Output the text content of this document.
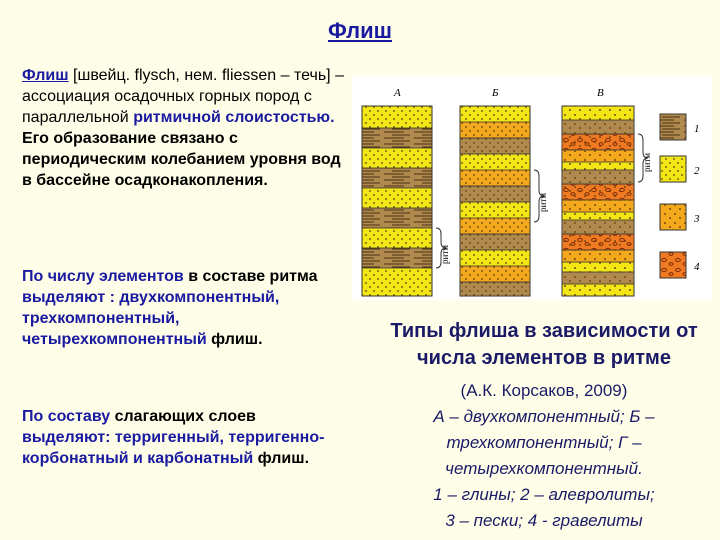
Флиш
Флиш [швейц. flysch, нем. fliessen – течь] – ассоциация осадочных горных пород с параллельной ритмичной слоистостью. Его образование связано с периодическим колебанием уровня вод в бассейне осадконакопления.
По числу элементов в составе ритма выделяют : двухкомпонентный, трехкомпонентный, четырехкомпонентный флиш.
По составу слагающих слоев выделяют: терригенный, терригенно-корбонатный и карбонатный флиш.
А	Б	В
ритм
ритм
ритм
1
2
3
4
Типы флиша в зависимости от числа элементов в ритме
(А.К. Корсаков, 2009)
А – двухкомпонентный; Б –
трехкомпонентный; Г –
четырехкомпонентный.
1 – глины; 2 – алевролиты;
3 – пески; 4 - гравелиты
